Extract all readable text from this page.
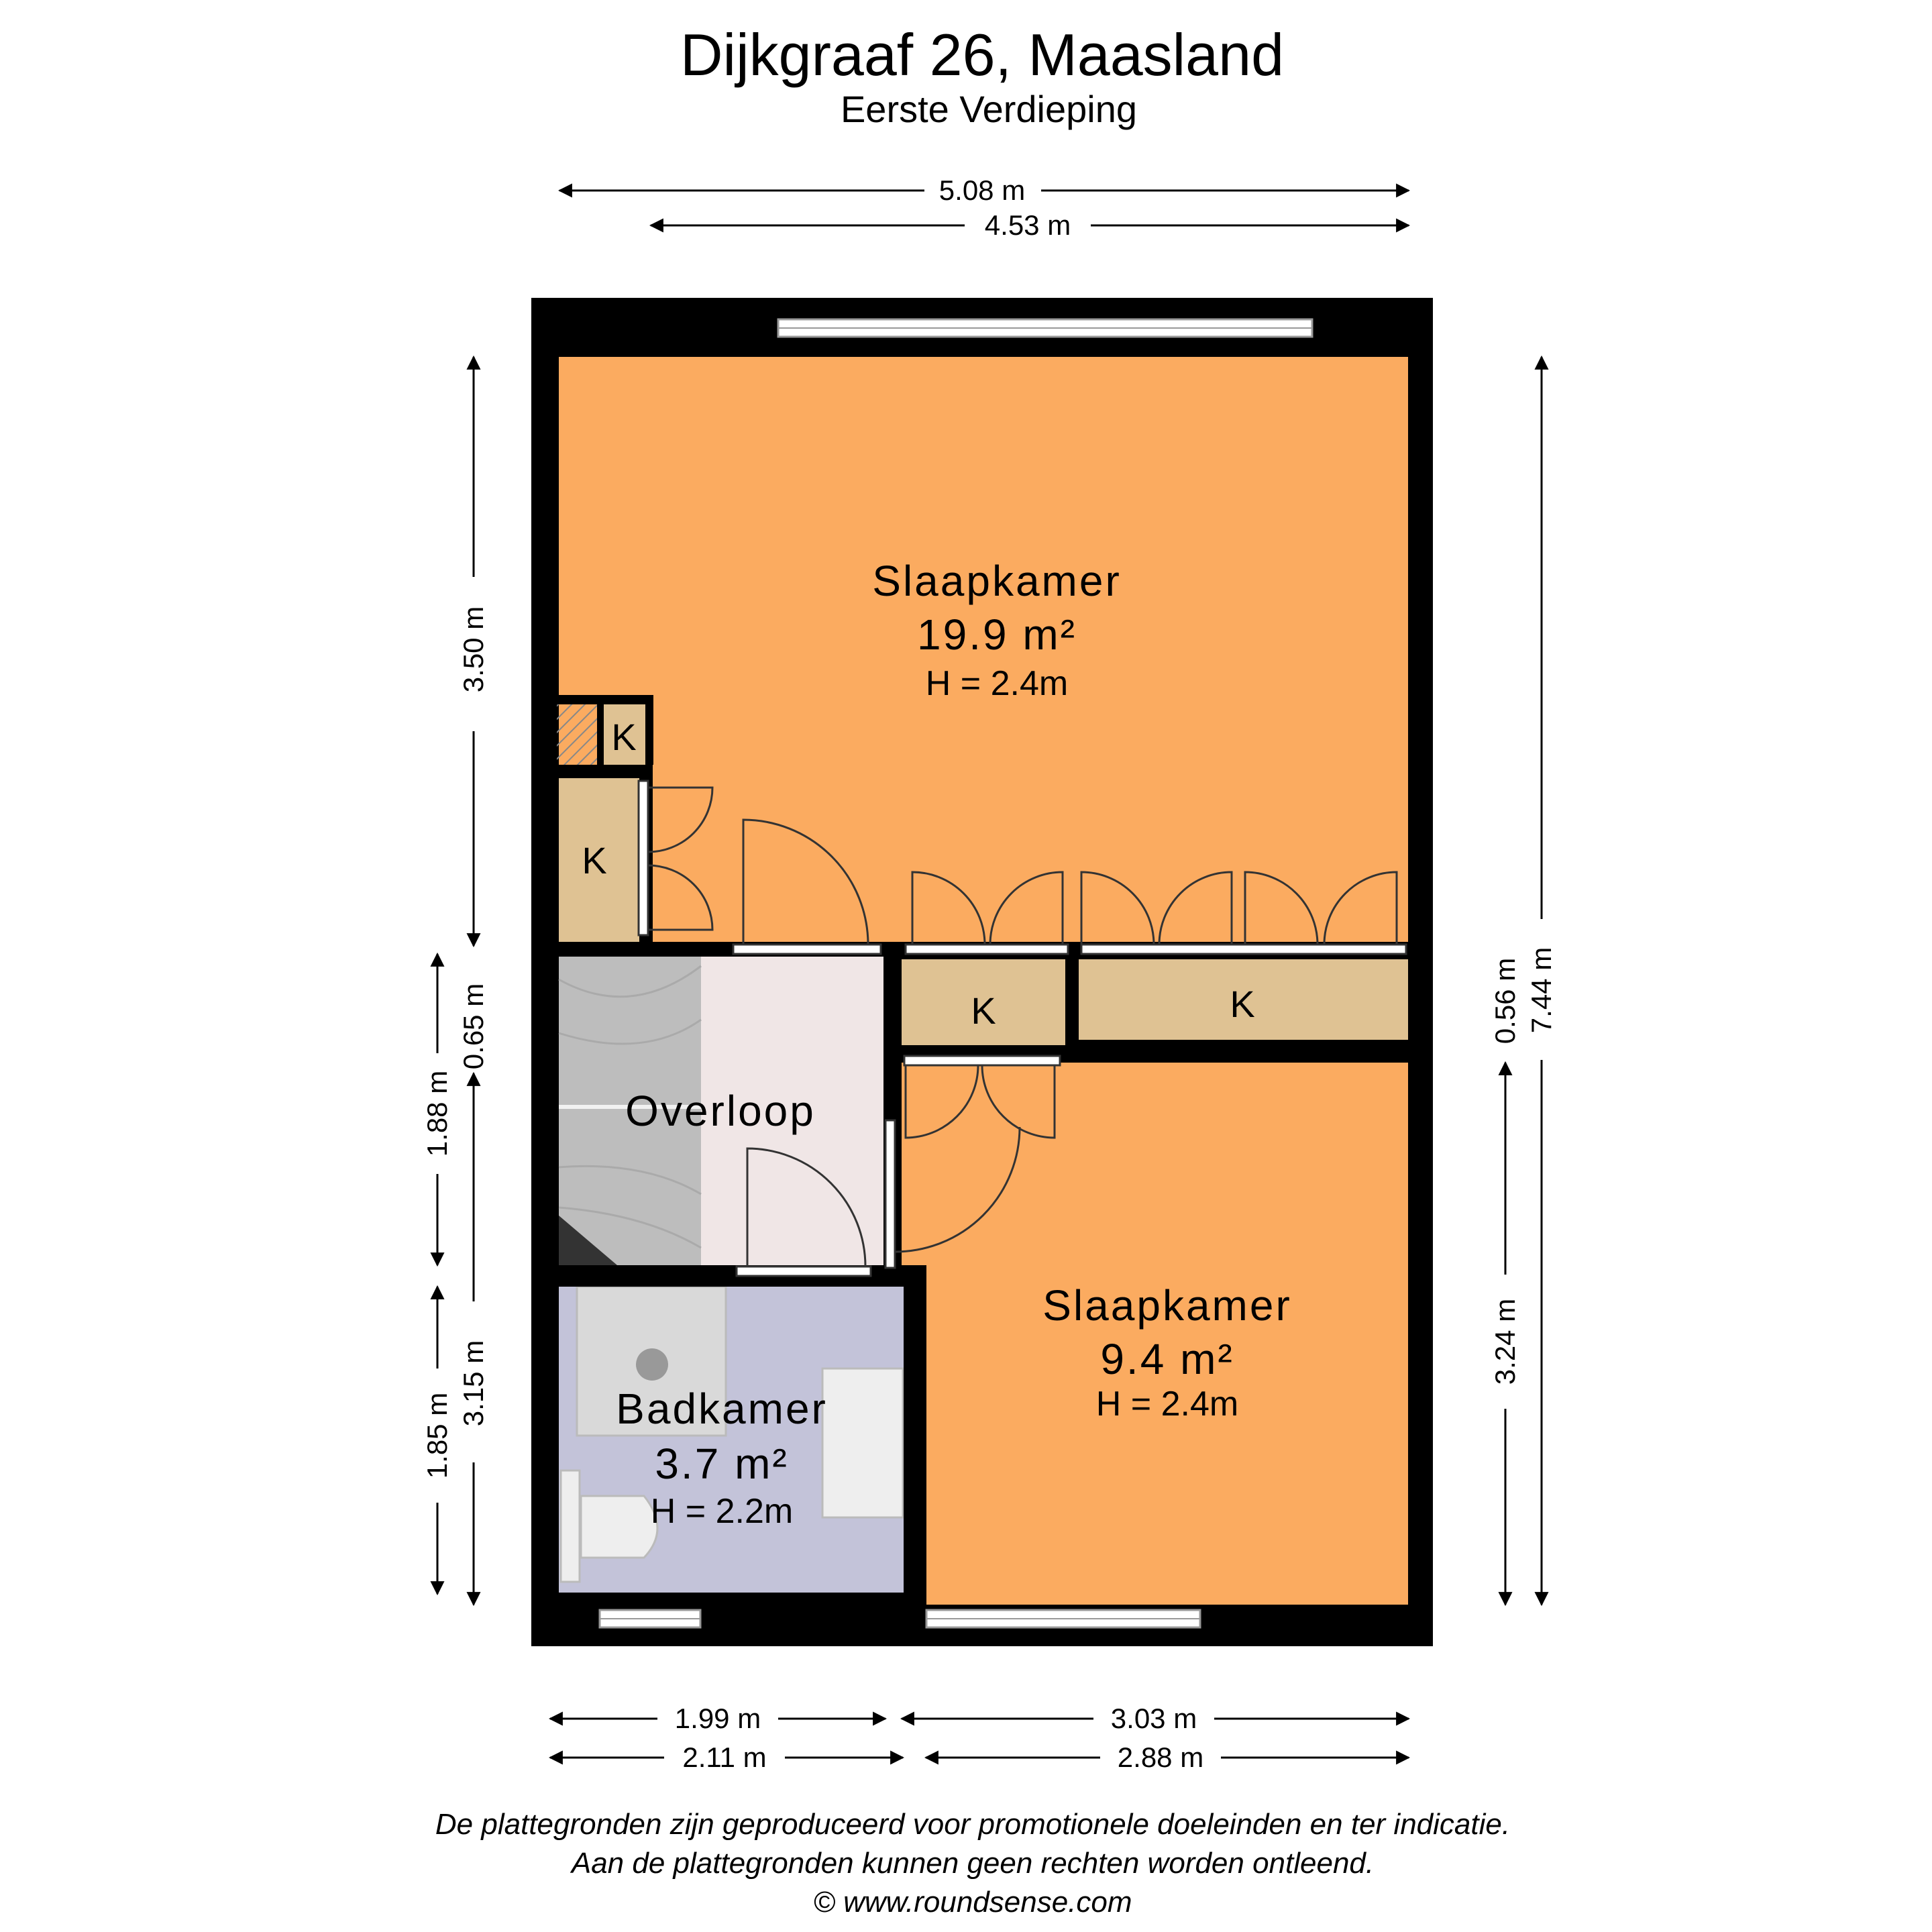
Dijkgraaf 26, Maasland
Eerste Verdieping
Slaapkamer
19.9 m²
H = 2.4m
Slaapkamer
9.4 m²
H = 2.4m
Badkamer
3.7 m²
H = 2.2m
Overloop
K
K
K	K
5.08 m
4.53 m
3.50 m
0.65 m
3.15 m
1.88 m
1.85 m
7.44 m
0.56 m
3.24 m
1.99 m	3.03 m
2.11 m	2.88 m
De plattegronden zijn geproduceerd voor promotionele doeleinden en ter indicatie.
Aan de plattegronden kunnen geen rechten worden ontleend.
© www.roundsense.com
